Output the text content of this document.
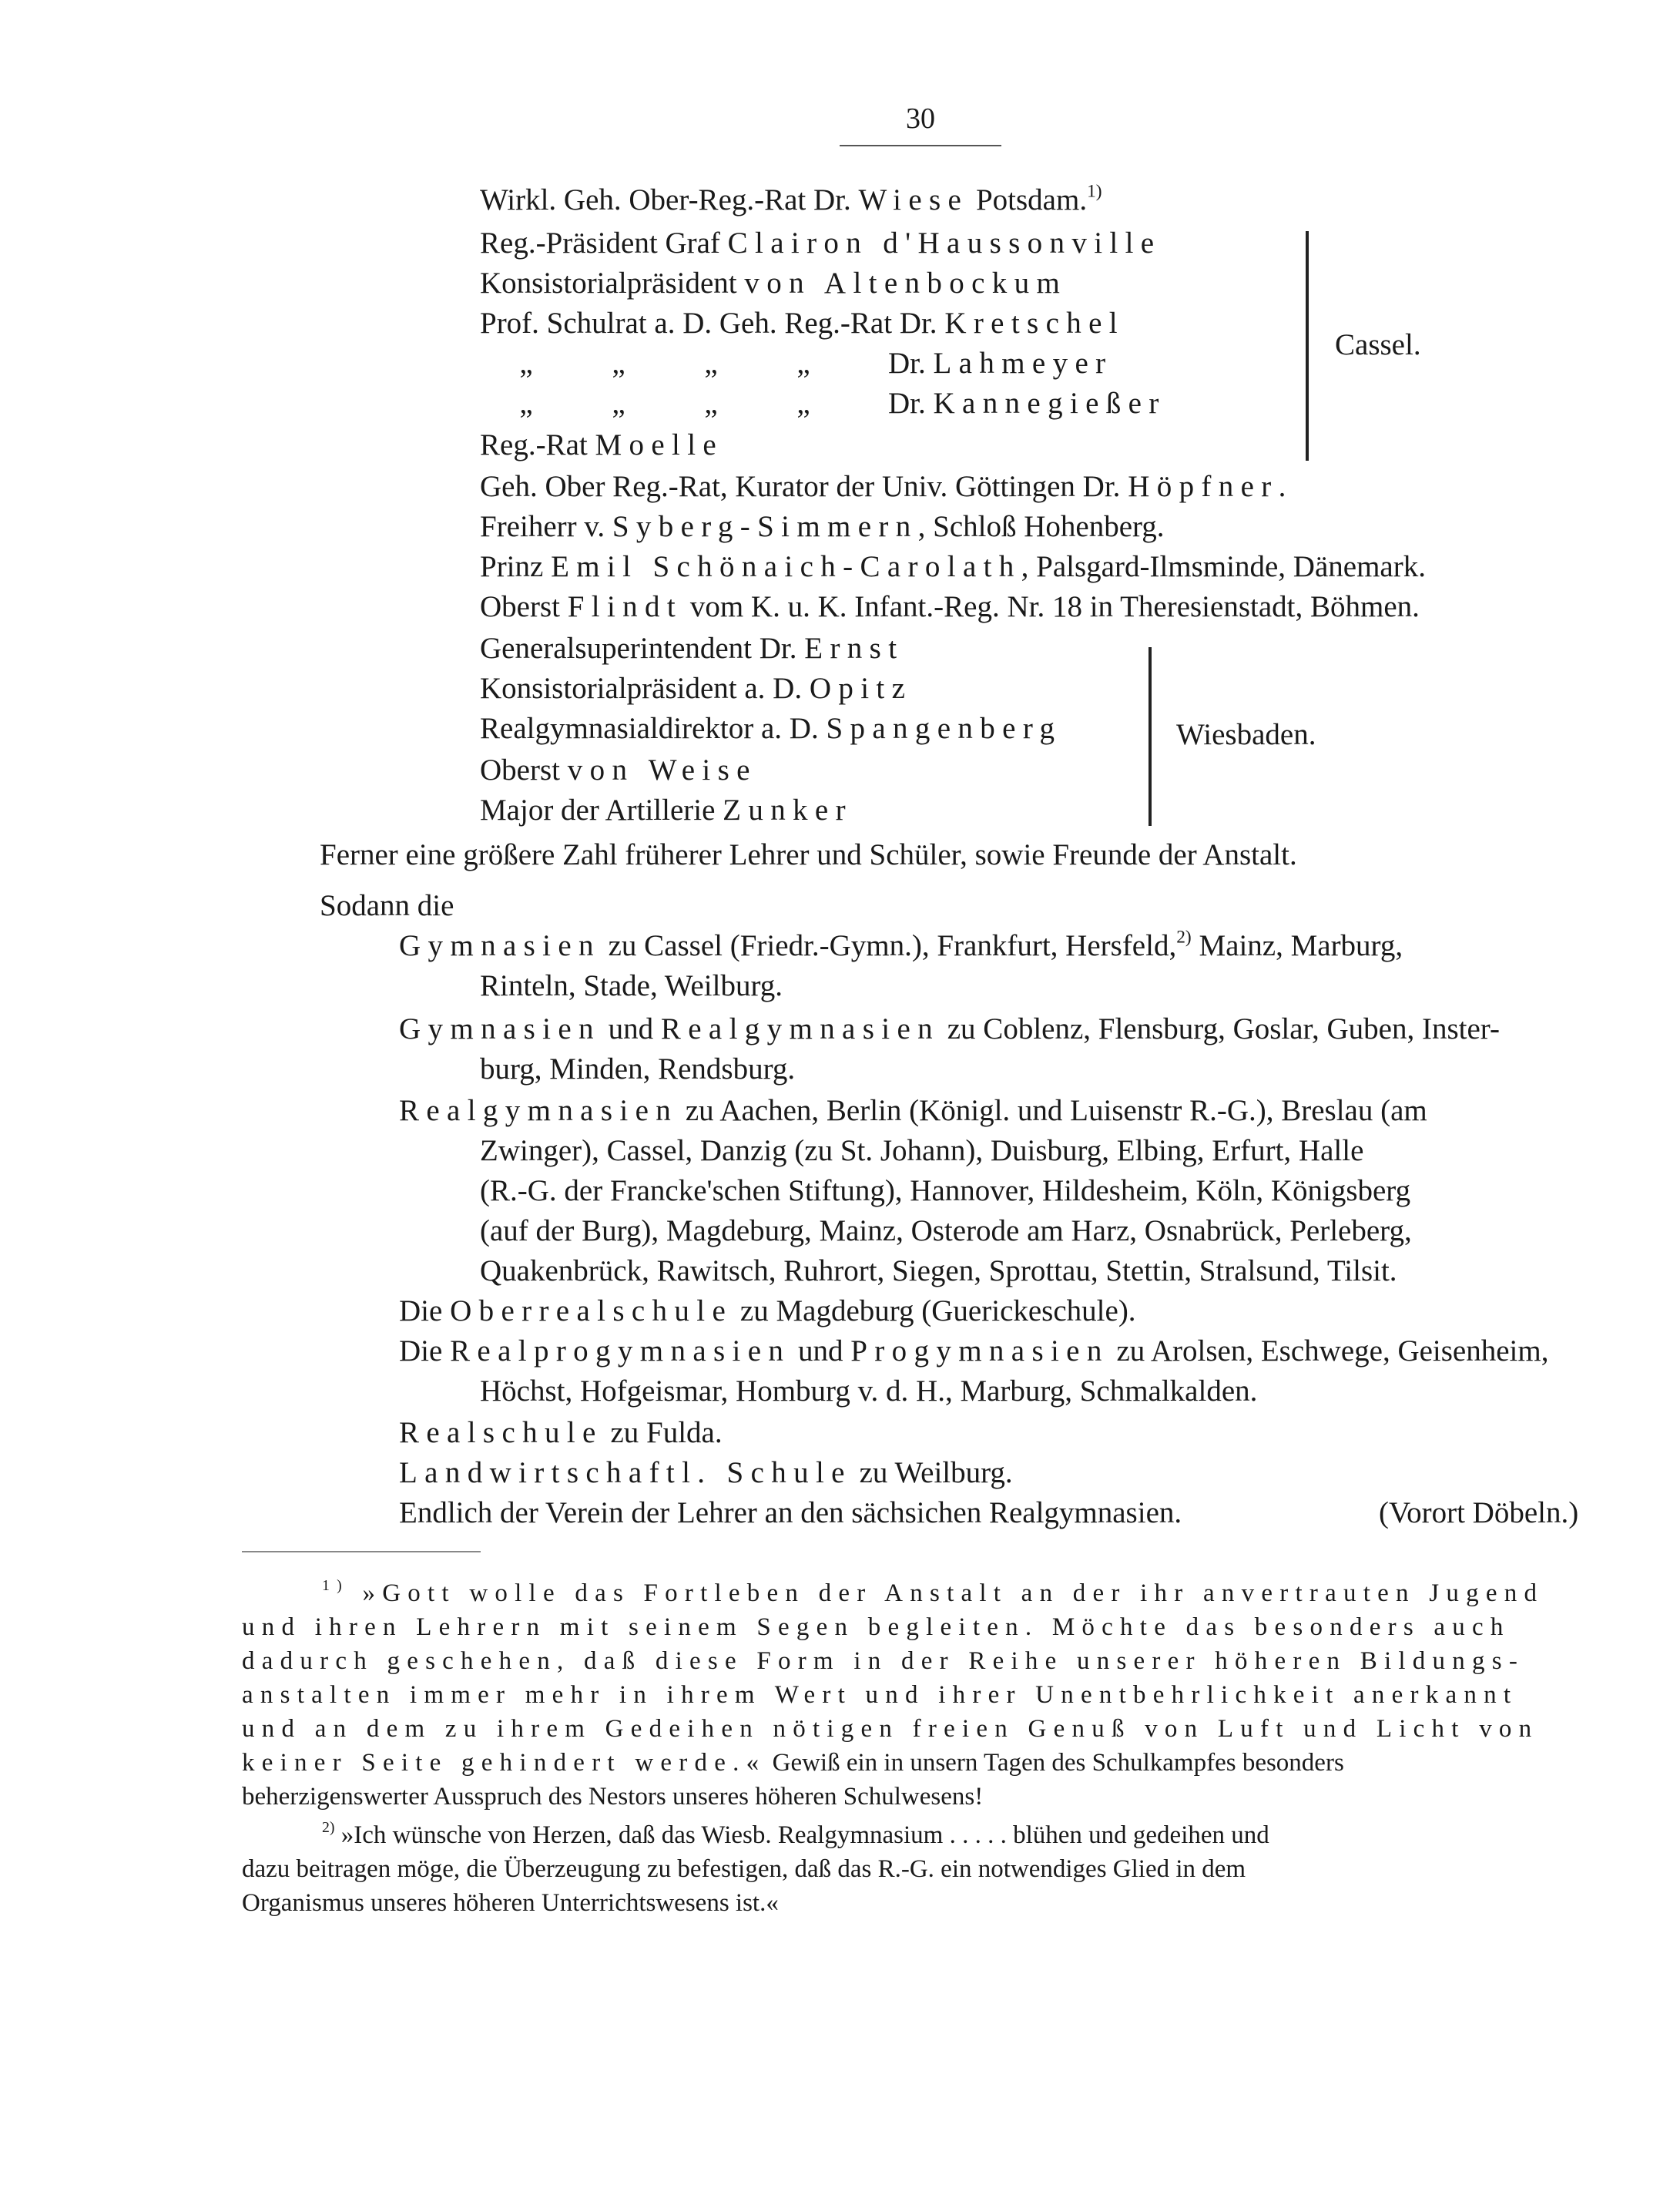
30
Wirkl. Geh. Ober-Reg.-Rat Dr. Wiese Potsdam.$^{1)}$
Reg.-Präsident Graf Clairon d'Haussonville
Konsistorialpräsident von Altenbockum
Prof. Schulrat a. D. Geh. Reg.-Rat Dr. Kretschel
„	„	„	„	Dr. Lahmeyer
„	„	„	„	Dr. Kannegießer
Reg.-Rat Moelle
Cassel.
Geh. Ober Reg.-Rat, Kurator der Univ. Göttingen Dr. Höpfner.
Freiherr v. Syberg-Simmern, Schloß Hohenberg.
Prinz Emil Schönaich-Carolath, Palsgard-Ilmsminde, Dänemark.
Oberst Flindt vom K. u. K. Infant.-Reg. Nr. 18 in Theresienstadt, Böhmen.
Generalsuperintendent Dr. Ernst
Konsistorialpräsident a. D. Opitz
Realgymnasialdirektor a. D. Spangenberg
Oberst von Weise
Major der Artillerie Zunker
Wiesbaden.
Ferner eine größere Zahl früherer Lehrer und Schüler, sowie Freunde der Anstalt.
Sodann die
Gymnasien zu Cassel (Friedr.-Gymn.), Frankfurt, Hersfeld,$^{2)}$ Mainz, Marburg,
Rinteln, Stade, Weilburg.
Gymnasien und Realgymnasien zu Coblenz, Flensburg, Goslar, Guben, Inster-
burg, Minden, Rendsburg.
Realgymnasien zu Aachen, Berlin (Königl. und Luisenstr R.-G.), Breslau (am
Zwinger), Cassel, Danzig (zu St. Johann), Duisburg, Elbing, Erfurt, Halle
(R.-G. der Francke'schen Stiftung), Hannover, Hildesheim, Köln, Königsberg
(auf der Burg), Magdeburg, Mainz, Osterode am Harz, Osnabrück, Perleberg,
Quakenbrück, Rawitsch, Ruhrort, Siegen, Sprottau, Stettin, Stralsund, Tilsit.
Die Oberrealschule zu Magdeburg (Guerickeschule).
Die Realprogymnasien und Progymnasien zu Arolsen, Eschwege, Geisenheim,
Höchst, Hofgeismar, Homburg v. d. H., Marburg, Schmalkalden.
Realschule zu Fulda.
Landwirtschaftl. Schule zu Weilburg.
Endlich der Verein der Lehrer an den sächsichen Realgymnasien.	(Vorort Döbeln.)
$^{1)}$ »Gott wolle das Fortleben der Anstalt an der ihr anvertrauten Jugend
und ihren Lehrern mit seinem Segen begleiten. Möchte das besonders auch
dadurch geschehen, daß diese Form in der Reihe unserer höheren Bildungs-
anstalten immer mehr in ihrem Wert und ihrer Unentbehrlichkeit anerkannt
und an dem zu ihrem Gedeihen nötigen freien Genuß von Luft und Licht von
keiner Seite gehindert werde.« Gewiß ein in unsern Tagen des Schulkampfes besonders
beherzigenswerter Ausspruch des Nestors unseres höheren Schulwesens!
$^{2)}$ »Ich wünsche von Herzen, daß das Wiesb. Realgymnasium . . . . . blühen und gedeihen und
dazu beitragen möge, die Überzeugung zu befestigen, daß das R.-G. ein notwendiges Glied in dem
Organismus unseres höheren Unterrichtswesens ist.«
